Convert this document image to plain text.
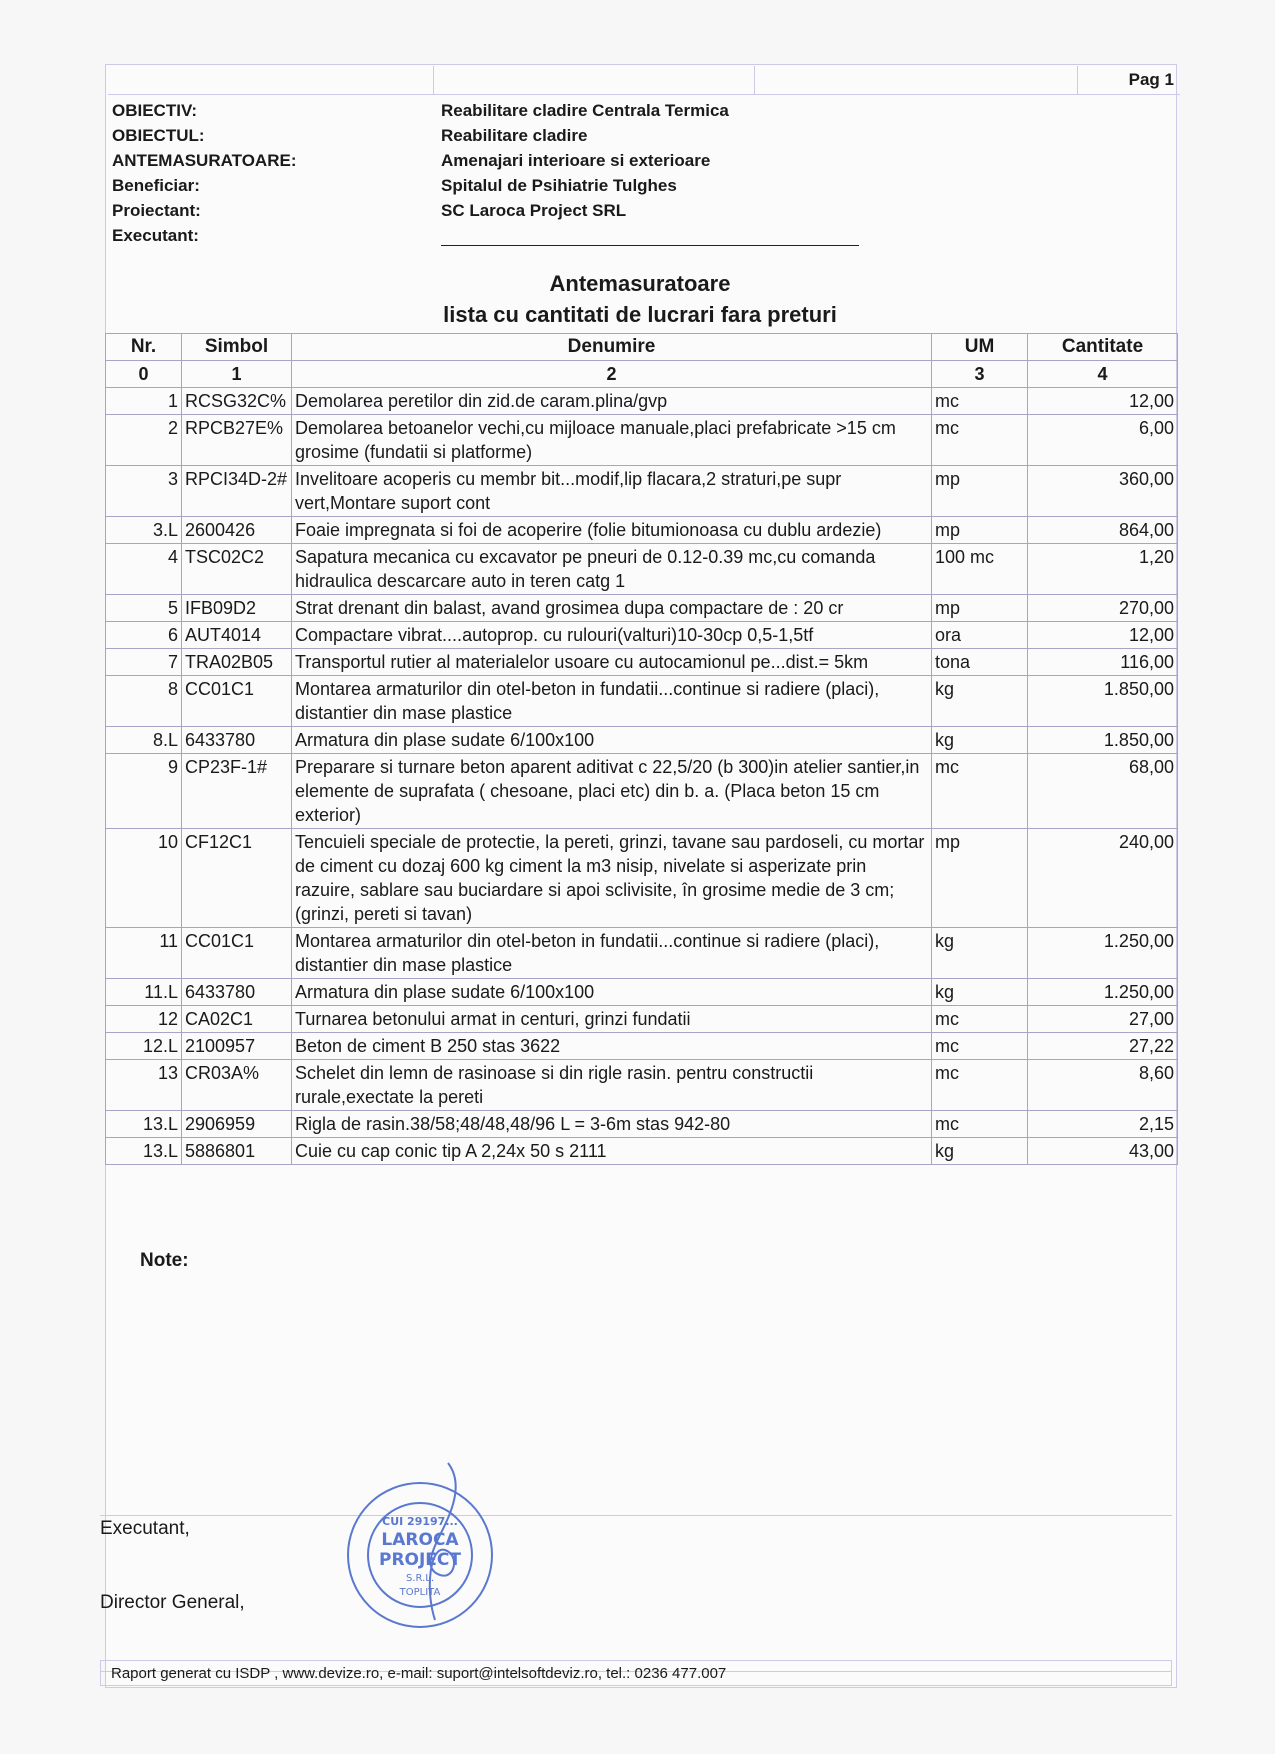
Pag 1
OBIECTIV:	Reabilitare cladire Centrala Termica
OBIECTUL:	Reabilitare cladire
ANTEMASURATOARE:	Amenajari interioare si exterioare
Beneficiar:	Spitalul de Psihiatrie Tulghes
Proiectant:	SC Laroca Project SRL
Executant:
Antemasuratoare
lista cu cantitati de lucrari fara preturi
Nr.	Simbol	Denumire	UM	Cantitate
0	1	2	3	4
1	RCSG32C%	Demolarea peretilor din zid.de caram.plina/gvp	mc	12,00
2	RPCB27E%	Demolarea betoanelor vechi,cu mijloace manuale,placi prefabricate >15 cm grosime (fundatii si platforme)	mc	6,00
3	RPCI34D-2#	Invelitoare acoperis cu membr bit...modif,lip flacara,2 straturi,pe supr vert,Montare suport cont	mp	360,00
3.L	2600426	Foaie impregnata si foi de acoperire (folie bitumionoasa cu dublu ardezie)	mp	864,00
4	TSC02C2	Sapatura mecanica cu excavator pe pneuri de 0.12-0.39 mc,cu comanda hidraulica descarcare auto in teren catg 1	100 mc	1,20
5	IFB09D2	Strat drenant din balast, avand grosimea dupa compactare de : 20 cr	mp	270,00
6	AUT4014	Compactare vibrat....autoprop. cu rulouri(valturi)10-30cp 0,5-1,5tf	ora	12,00
7	TRA02B05	Transportul rutier al materialelor usoare cu autocamionul pe...dist.= 5km	tona	116,00
8	CC01C1	Montarea armaturilor din otel-beton in fundatii...continue si radiere (placi), distantier din mase plastice	kg	1.850,00
8.L	6433780	Armatura din plase sudate 6/100x100	kg	1.850,00
9	CP23F-1#	Preparare si turnare beton aparent aditivat c 22,5/20 (b 300)in atelier santier,in elemente de suprafata ( chesoane, placi etc) din b. a. (Placa beton 15 cm exterior)	mc	68,00
10	CF12C1	Tencuieli speciale de protectie, la pereti, grinzi, tavane sau pardoseli, cu mortar de ciment cu dozaj 600 kg ciment la m3 nisip, nivelate si asperizate prin razuire, sablare sau buciardare si apoi sclivisite, în grosime medie de 3 cm; (grinzi, pereti si tavan)	mp	240,00
11	CC01C1	Montarea armaturilor din otel-beton in fundatii...continue si radiere (placi), distantier din mase plastice	kg	1.250,00
11.L	6433780	Armatura din plase sudate 6/100x100	kg	1.250,00
12	CA02C1	Turnarea betonului armat in centuri, grinzi fundatii	mc	27,00
12.L	2100957	Beton de ciment B 250 stas 3622	mc	27,22
13	CR03A%	Schelet din lemn de rasinoase si din rigle rasin. pentru constructii rurale,exectate la pereti	mc	8,60
13.L	2906959	Rigla de rasin.38/58;48/48,48/96 L = 3-6m stas 942-80	mc	2,15
13.L	5886801	Cuie cu cap conic tip A 2,24x 50 s 2111	kg	43,00
Note:
Executant,
Director General,
LAROCA
PROJECT
S.R.L.
TOPLITA
CUI 29197...
Raport generat cu ISDP , www.devize.ro, e-mail: suport@intelsoftdeviz.ro, tel.: 0236 477.007
